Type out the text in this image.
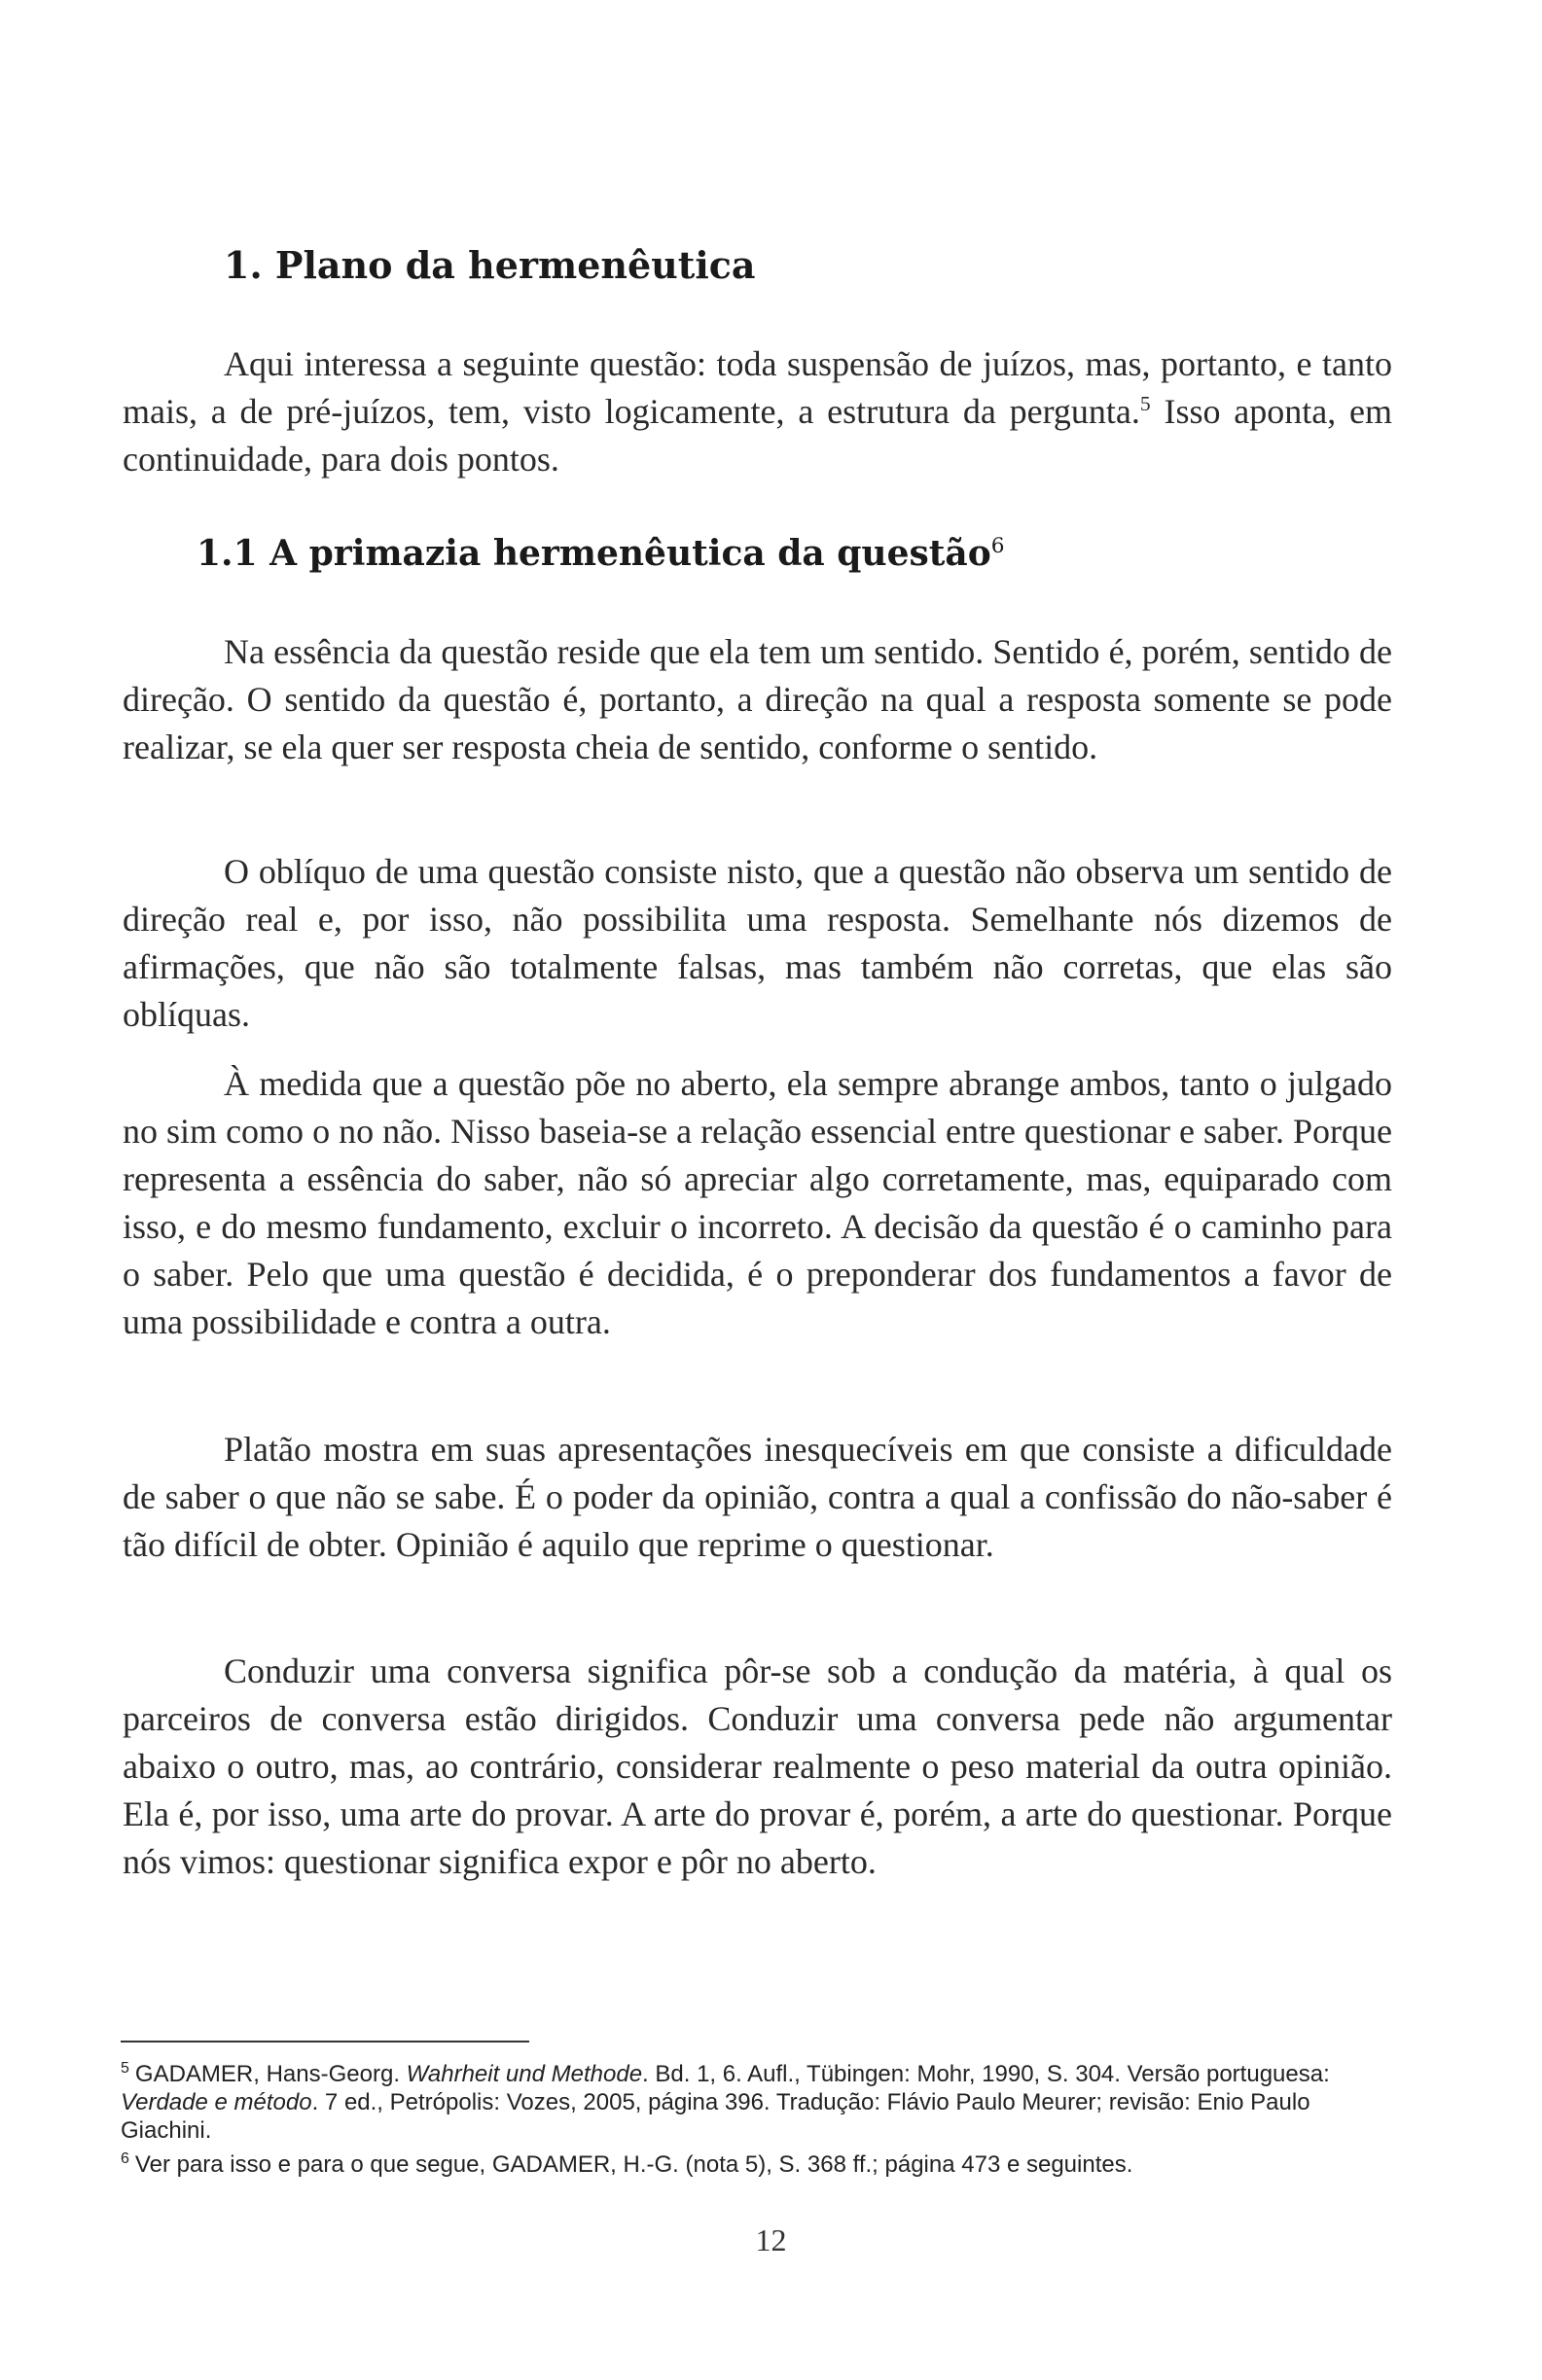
1. Plano da hermenêutica

Aqui interessa a seguinte questão: toda suspensão de juízos, mas, portanto, e tanto mais, a de pré-juízos, tem, visto logicamente, a estrutura da pergunta.$^5$ Isso aponta, em continuidade, para dois pontos.

1.1 A primazia hermenêutica da questão$^6$

Na essência da questão reside que ela tem um sentido. Sentido é, porém, sentido de direção. O sentido da questão é, portanto, a direção na qual a resposta somente se pode realizar, se ela quer ser resposta cheia de sentido, conforme o sentido.

O oblíquo de uma questão consiste nisto, que a questão não observa um sentido de direção real e, por isso, não possibilita uma resposta. Semelhante nós dizemos de afirmações, que não são totalmente falsas, mas também não corretas, que elas são oblíquas.

À medida que a questão põe no aberto, ela sempre abrange ambos, tanto o julgado no sim como o no não. Nisso baseia-se a relação essencial entre questionar e saber. Porque representa a essência do saber, não só apreciar algo corretamente, mas, equiparado com isso, e do mesmo fundamento, excluir o incorreto. A decisão da questão é o caminho para o saber. Pelo que uma questão é decidida, é o preponderar dos fundamentos a favor de uma possibilidade e contra a outra.

Platão mostra em suas apresentações inesquecíveis em que consiste a dificuldade de saber o que não se sabe. É o poder da opinião, contra a qual a confissão do não-saber é tão difícil de obter. Opinião é aquilo que reprime o questionar.

Conduzir uma conversa significa pôr-se sob a condução da matéria, à qual os parceiros de conversa estão dirigidos. Conduzir uma conversa pede não argumentar abaixo o outro, mas, ao contrário, considerar realmente o peso material da outra opinião. Ela é, por isso, uma arte do provar. A arte do provar é, porém, a arte do questionar. Porque nós vimos: questionar significa expor e pôr no aberto.

$^5$ GADAMER, Hans-Georg. Wahrheit und Methode. Bd. 1, 6. Aufl., Tübingen: Mohr, 1990, S. 304. Versão portuguesa: Verdade e método. 7 ed., Petrópolis: Vozes, 2005, página 396. Tradução: Flávio Paulo Meurer; revisão: Enio Paulo Giachini.

$^6$ Ver para isso e para o que segue, GADAMER, H.-G. (nota 5), S. 368 ff.; página 473 e seguintes.

12
